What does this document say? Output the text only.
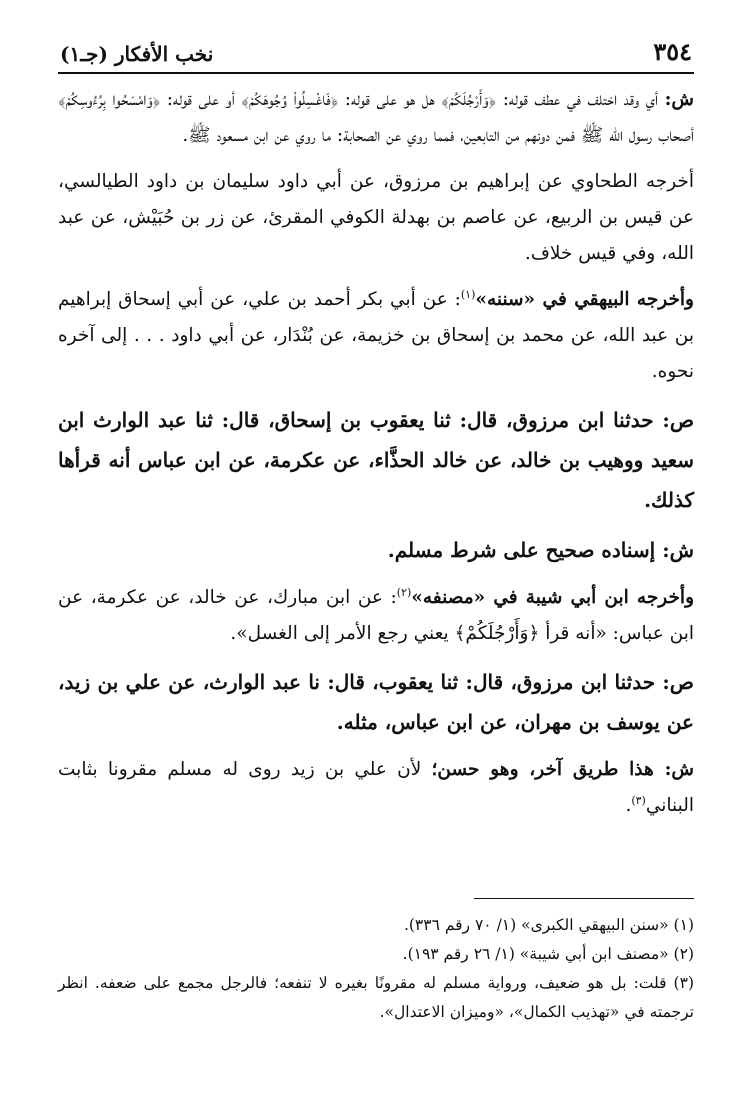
٣٥٤
نخب الأفكار (جـ١)

ش: أي وقد اختلف في عطف قوله: ﴿وَأَرْجُلَكُمْ﴾ هل هو على قوله: ﴿فَاغْسِلُواْ وُجُوهَكُمْ﴾ أو على قوله: ﴿وَامْسَحُوا بِرُءُوسِكُمْ﴾ أصحاب رسول الله ﷺ فمن دونهم من التابعين، فمما روي عن الصحابة: ما روي عن ابن مسعود ﷺ.

أخرجه الطحاوي عن إبراهيم بن مرزوق، عن أبي داود سليمان بن داود الطيالسي، عن قيس بن الربيع، عن عاصم بن بهدلة الكوفي المقرئ، عن زر بن حُبَيْش، عن عبد الله، وفي قيس خلاف.

وأخرجه البيهقي في «سننه»$^{(١)}$: عن أبي بكر أحمد بن علي، عن أبي إسحاق إبراهيم بن عبد الله، عن محمد بن إسحاق بن خزيمة، عن بُنْدَار، عن أبي داود . . . إلى آخره نحوه.

ص: حدثنا ابن مرزوق، قال: ثنا يعقوب بن إسحاق، قال: ثنا عبد الوارث ابن سعيد ووهيب بن خالد، عن خالد الحذَّاء، عن عكرمة، عن ابن عباس أنه قرأها كذلك.

ش: إسناده صحيح على شرط مسلم.

وأخرجه ابن أبي شيبة في «مصنفه»$^{(٢)}$: عن ابن مبارك، عن خالد، عن عكرمة، عن ابن عباس: «أنه قرأ ﴿وَأَرْجُلَكُمْ﴾ يعني رجع الأمر إلى الغسل».

ص: حدثنا ابن مرزوق، قال: ثنا يعقوب، قال: نا عبد الوارث، عن علي بن زيد، عن يوسف بن مهران، عن ابن عباس، مثله.

ش: هذا طريق آخر، وهو حسن؛ لأن علي بن زيد روى له مسلم مقرونا بثابت البناني$^{(٣)}$.

(١) «سنن البيهقي الكبرى» (١/ ٧٠ رقم ٣٣٦).

(٢) «مصنف ابن أبي شيبة» (١/ ٢٦ رقم ١٩٣).

(٣) قلت: بل هو ضعيف، ورواية مسلم له مقرونًا بغيره لا تنفعه؛ فالرجل مجمع على ضعفه. انظر ترجمته في «تهذيب الكمال»، «وميزان الاعتدال».
